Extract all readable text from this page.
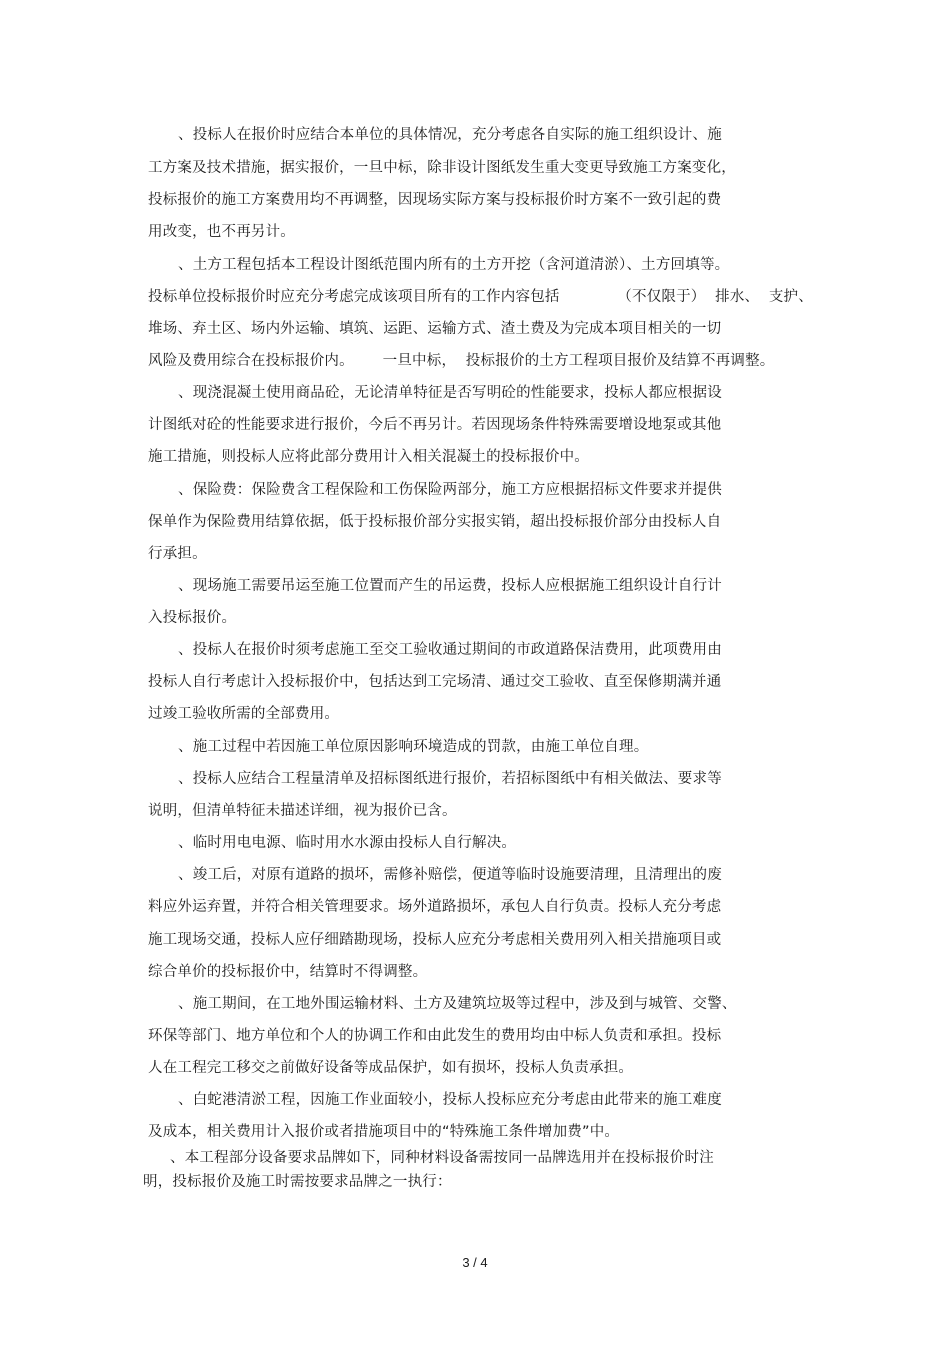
、投标人在报价时应结合本单位的具体情况，充分考虑各自实际的施工组织设计、施
工方案及技术措施，据实报价，一旦中标，除非设计图纸发生重大变更导致施工方案变化，
投标报价的施工方案费用均不再调整，因现场实际方案与投标报价时方案不一致引起的费
用改变，也不再另计。
、土方工程包括本工程设计图纸范围内所有的土方开挖（含河道清淤）、土方回填等。
投标单位投标报价时应充分考虑完成该项目所有的工作内容包括            （不仅限于）  排水、  支护、
堆场、弃土区、场内外运输、填筑、运距、运输方式、渣土费及为完成本项目相关的一切
风险及费用综合在投标报价内。      一旦中标，  投标报价的土方工程项目报价及结算不再调整。
、现浇混凝土使用商品砼，无论清单特征是否写明砼的性能要求，投标人都应根据设
计图纸对砼的性能要求进行报价，今后不再另计。若因现场条件特殊需要增设地泵或其他
施工措施，则投标人应将此部分费用计入相关混凝土的投标报价中。
、保险费：保险费含工程保险和工伤保险两部分，施工方应根据招标文件要求并提供
保单作为保险费用结算依据，低于投标报价部分实报实销，超出投标报价部分由投标人自
行承担。
、现场施工需要吊运至施工位置而产生的吊运费，投标人应根据施工组织设计自行计
入投标报价。
、投标人在报价时须考虑施工至交工验收通过期间的市政道路保洁费用，此项费用由
投标人自行考虑计入投标报价中，包括达到工完场清、通过交工验收、直至保修期满并通
过竣工验收所需的全部费用。
、施工过程中若因施工单位原因影响环境造成的罚款，由施工单位自理。
、投标人应结合工程量清单及招标图纸进行报价，若招标图纸中有相关做法、要求等
说明，但清单特征未描述详细，视为报价已含。
、临时用电电源、临时用水水源由投标人自行解决。
、竣工后，对原有道路的损坏，需修补赔偿，便道等临时设施要清理，且清理出的废
料应外运弃置，并符合相关管理要求。场外道路损坏，承包人自行负责。投标人充分考虑
施工现场交通，投标人应仔细踏勘现场，投标人应充分考虑相关费用列入相关措施项目或
综合单价的投标报价中，结算时不得调整。
、施工期间，在工地外围运输材料、土方及建筑垃圾等过程中，涉及到与城管、交警、
环保等部门、地方单位和个人的协调工作和由此发生的费用均由中标人负责和承担。投标
人在工程完工移交之前做好设备等成品保护，如有损坏，投标人负责承担。
、白蛇港清淤工程，因施工作业面较小，投标人投标应充分考虑由此带来的施工难度
及成本，相关费用计入报价或者措施项目中的“特殊施工条件增加费”中。
、本工程部分设备要求品牌如下，同种材料设备需按同一品牌选用并在投标报价时注
明，投标报价及施工时需按要求品牌之一执行：
3 / 4
